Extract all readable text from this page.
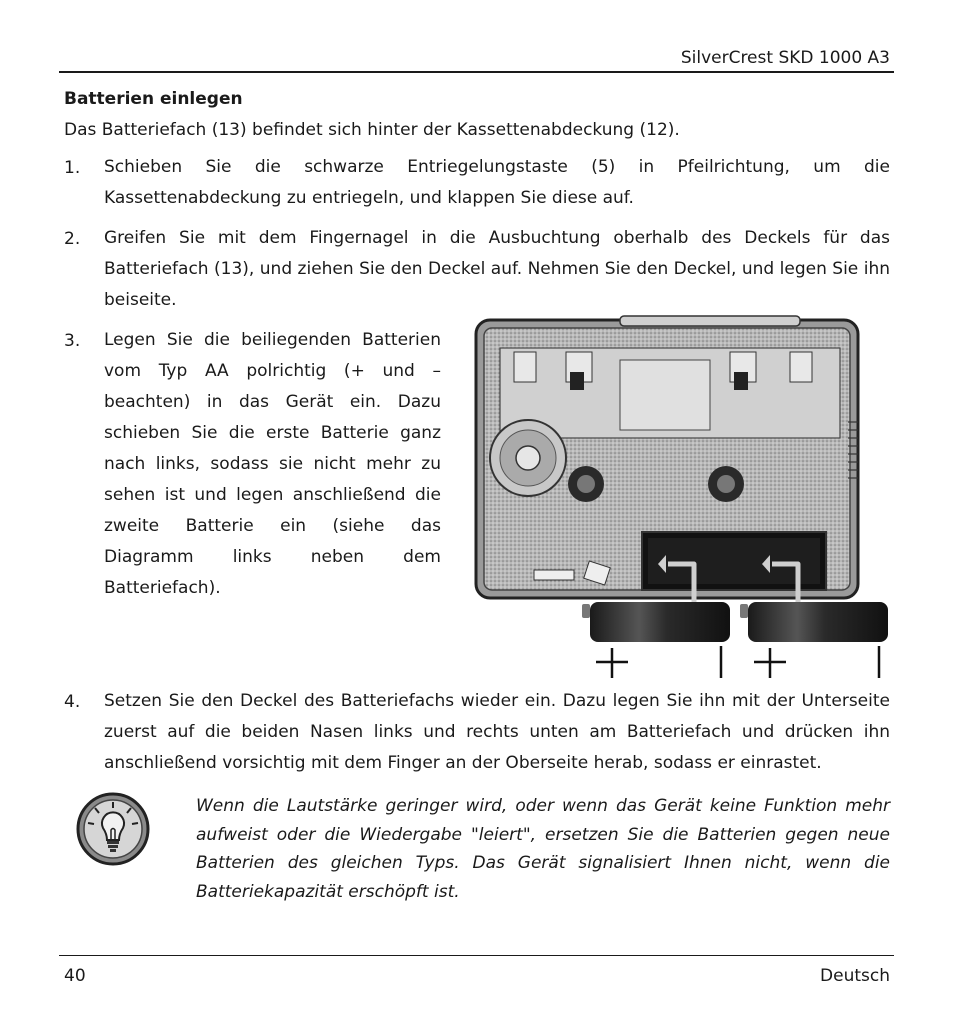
SilverCrest SKD 1000 A3
Batterien einlegen
Das Batteriefach (13) befindet sich hinter der Kassettenabdeckung (12).
1. Schieben Sie die schwarze Entriegelungstaste (5) in Pfeilrichtung, um die Kassettenabdeckung zu entriegeln, und klappen Sie diese auf.
2. Greifen Sie mit dem Fingernagel in die Ausbuchtung oberhalb des Deckels für das Batteriefach (13), und ziehen Sie den Deckel auf. Nehmen Sie den Deckel, und legen Sie ihn beiseite.
3. Legen Sie die beiliegenden Batterien vom Typ AA polrichtig (+ und – beachten) in das Gerät ein. Dazu schieben Sie die erste Batterie ganz nach links, sodass sie nicht mehr zu sehen ist und legen anschließend die zweite Batterie ein (siehe das Diagramm links neben dem Batteriefach).
4. Setzen Sie den Deckel des Batteriefachs wieder ein. Dazu legen Sie ihn mit der Unterseite zuerst auf die beiden Nasen links und rechts unten am Batteriefach und drücken ihn anschließend vorsichtig mit dem Finger an der Oberseite herab, sodass er einrastet.
Wenn die Lautstärke geringer wird, oder wenn das Gerät keine Funktion mehr aufweist oder die Wiedergabe "leiert", ersetzen Sie die Batterien gegen neue Batterien des gleichen Typs. Das Gerät signalisiert Ihnen nicht, wenn die Batteriekapazität erschöpft ist.
40	Deutsch
